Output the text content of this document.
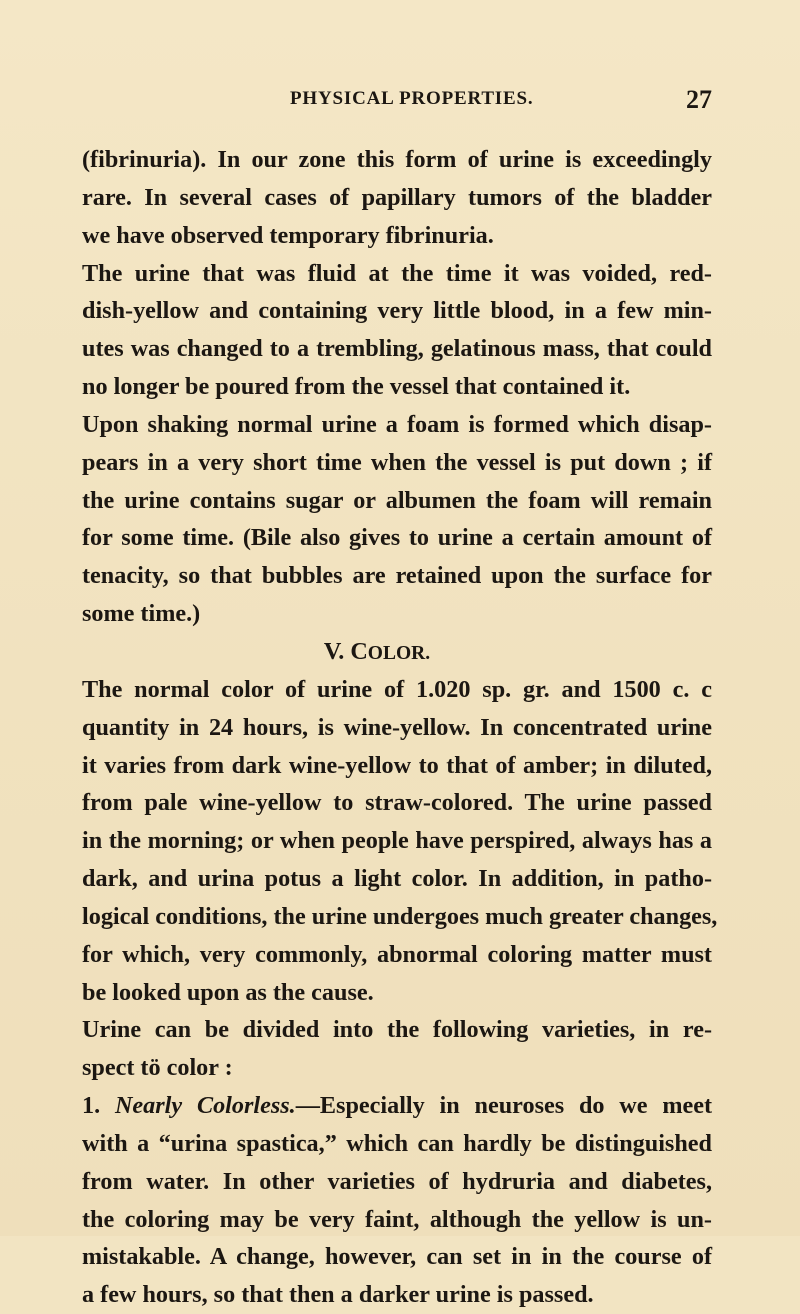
PHYSICAL PROPERTIES.	27
(fibrinuria). In our zone this form of urine is exceedingly
rare. In several cases of papillary tumors of the bladder
we have observed temporary fibrinuria.
The urine that was fluid at the time it was voided, red-
dish-yellow and containing very little blood, in a few min-
utes was changed to a trembling, gelatinous mass, that could
no longer be poured from the vessel that contained it.
Upon shaking normal urine a foam is formed which disap-
pears in a very short time when the vessel is put down ; if
the urine contains sugar or albumen the foam will remain
for some time. (Bile also gives to urine a certain amount of
tenacity, so that bubbles are retained upon the surface for
some time.)
V. COLOR.
The normal color of urine of 1.020 sp. gr. and 1500 c. c
quantity in 24 hours, is wine-yellow. In concentrated urine
it varies from dark wine-yellow to that of amber; in diluted,
from pale wine-yellow to straw-colored. The urine passed
in the morning; or when people have perspired, always has a
dark, and urina potus a light color. In addition, in patho-
logical conditions, the urine undergoes much greater changes,
for which, very commonly, abnormal coloring matter must
be looked upon as the cause.
Urine can be divided into the following varieties, in re-
spect tö color :
1. Nearly Colorless.—Especially in neuroses do we meet
with a “urina spastica,” which can hardly be distinguished
from water. In other varieties of hydruria and diabetes,
the coloring may be very faint, although the yellow is un-
mistakable. A change, however, can set in in the course of
a few hours, so that then a darker urine is passed.
